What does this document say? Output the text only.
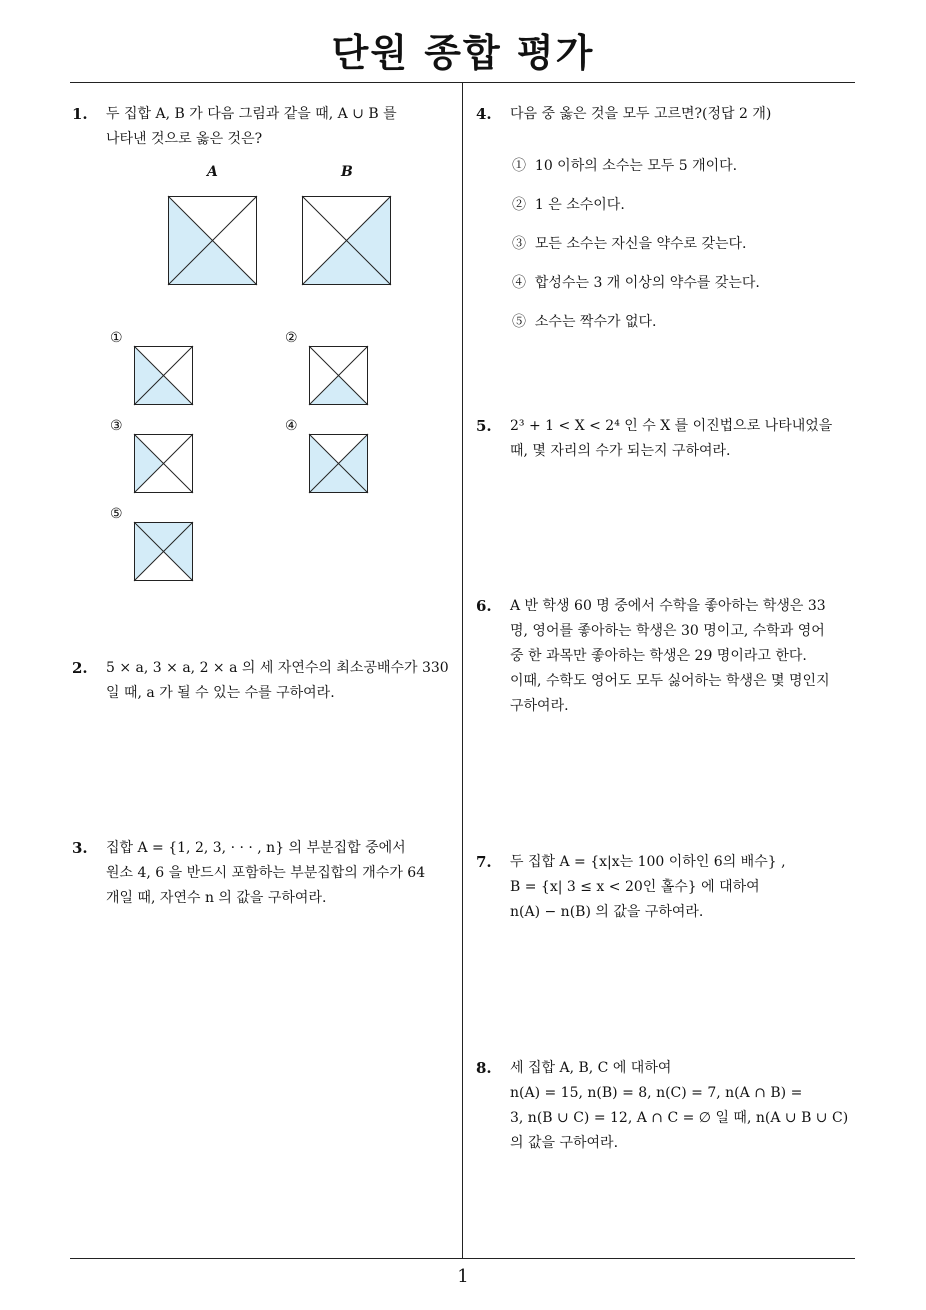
단원 종합 평가
1. 두 집합 A, B 가 다음 그림과 같을 때, A ∪ B 를
나타낸 것으로 옳은 것은?
A	B
①	②
③	④
⑤
2. 5 × a, 3 × a, 2 × a 의 세 자연수의 최소공배수가 330
일 때, a 가 될 수 있는 수를 구하여라.
3. 집합 A = {1, 2, 3, · · · , n} 의 부분집합 중에서
원소 4, 6 을 반드시 포함하는 부분집합의 개수가 64
개일 때, 자연수 n 의 값을 구하여라.
4. 다음 중 옳은 것을 모두 고르면?(정답 2 개)
① 10 이하의 소수는 모두 5 개이다.
② 1 은 소수이다.
③ 모든 소수는 자신을 약수로 갖는다.
④ 합성수는 3 개 이상의 약수를 갖는다.
⑤ 소수는 짝수가 없다.
5. 2³ + 1 < X < 2⁴ 인 수 X 를 이진법으로 나타내었을
때, 몇 자리의 수가 되는지 구하여라.
6. A 반 학생 60 명 중에서 수학을 좋아하는 학생은 33
명, 영어를 좋아하는 학생은 30 명이고, 수학과 영어
중 한 과목만 좋아하는 학생은 29 명이라고 한다.
이때, 수학도 영어도 모두 싫어하는 학생은 몇 명인지
구하여라.
7. 두 집합 A = {x|x는 100 이하인 6의 배수} ,
B = {x| 3 ≤ x < 20인 홀수} 에 대하여
n(A) − n(B) 의 값을 구하여라.
8. 세 집합 A, B, C 에 대하여
n(A) = 15, n(B) = 8, n(C) = 7, n(A ∩ B) =
3, n(B ∪ C) = 12, A ∩ C = ∅ 일 때, n(A ∪ B ∪ C)
의 값을 구하여라.
1
